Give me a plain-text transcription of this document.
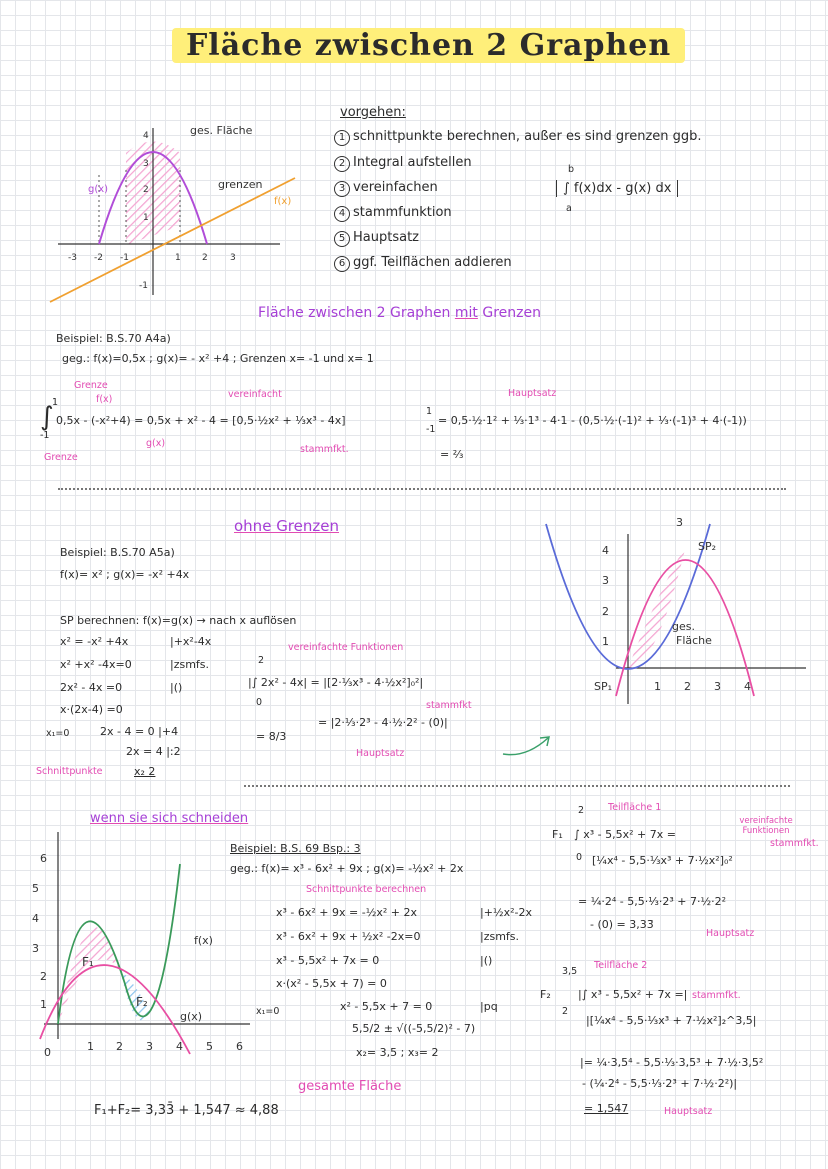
Fläche zwischen 2 Graphen
-3 -2 -1	1 2 3
4
3
2
1
-1
ges. Fläche
grenzen
g(x)
f(x)
vorgehen:
1 schnittpunkte berechnen, außer es sind grenzen ggb.
2 Integral aufstellen
3 vereinfachen
4 stammfunktion
5 Hauptsatz
6 ggf. Teilflächen addieren
b
a
∫ f(x)dx - g(x) dx
Fläche zwischen 2 Graphen mit Grenzen
Beispiel: B.S.70 A4a)
geg.: f(x)=0,5x ; g(x)= - x² +4 ; Grenzen x= -1 und x= 1
Grenze
f(x)	vereinfacht	Hauptsatz
∫
1
-1
0,5x - (-x²+4) = 0,5x + x² - 4 = [0,5·½x² + ⅓x³ - 4x]
1
-1
= 0,5·½·1² + ⅓·1³ - 4·1 - (0,5·½·(-1)² + ⅓·(-1)³ + 4·(-1))
g(x)
stammfkt.
Grenze	= ⅔
ohne Grenzen
Beispiel: B.S.70 A5a)
f(x)= x² ; g(x)= -x² +4x
SP berechnen: f(x)=g(x) → nach x auflösen
x² = -x² +4x	|+x²-4x
x² +x² -4x=0	|zsmfs.
2x² - 4x =0	|()
x·(2x-4) =0
x₁=0	2x - 4 = 0 |+4
2x = 4 |:2
Schnittpunkte	x₂ 2
vereinfachte Funktionen
2
0
|∫ 2x² - 4x| = |[2·⅓x³ - 4·½x²]₀²|
stammfkt
= |2·⅓·2³ - 4·½·2² - (0)|
Hauptsatz
= 8/3
4
3
2
1
1 2 3 4
3
SP₂
SP₁
ges.
Fläche
6
5
4
3
2
1
0	1 2 3 4 5 6
F₁
F₂
g(x)
f(x)
wenn sie sich schneiden
Beispiel: B.S. 69 Bsp.: 3
geg.: f(x)= x³ - 6x² + 9x ; g(x)= -½x² + 2x
Schnittpunkte berechnen
x³ - 6x² + 9x = -½x² + 2x	|+½x²-2x
x³ - 6x² + 9x + ½x² -2x=0	|zsmfs.
x³ - 5,5x² + 7x = 0	|()
x·(x² - 5,5x + 7) = 0
x₁=0	x² - 5,5x + 7 = 0	|pq
5,5/2 ± √((-5,5/2)² - 7)
x₂= 3,5 ; x₃= 2
gesamte Fläche
F₁+F₂= 3,33̄ + 1,547 ≈ 4,88
Teilfläche 1
2
0
F₁ ∫ x³ - 5,5x² + 7x =
vereinfachte Funktionen
stammfkt.
[¼x⁴ - 5,5·⅓x³ + 7·½x²]₀²
= ¼·2⁴ - 5,5·⅓·2³ + 7·½·2²
- (0) = 3,33̄
Hauptsatz
Teilfläche 2
3,5
2
F₂ |∫ x³ - 5,5x² + 7x =| stammfkt.
|[¼x⁴ - 5,5·⅓x³ + 7·½x²]₂^3,5|
|= ¼·3,5⁴ - 5,5·⅓·3,5³ + 7·½·3,5²
- (¼·2⁴ - 5,5·⅓·2³ + 7·½·2²)|
= 1,547	Hauptsatz
